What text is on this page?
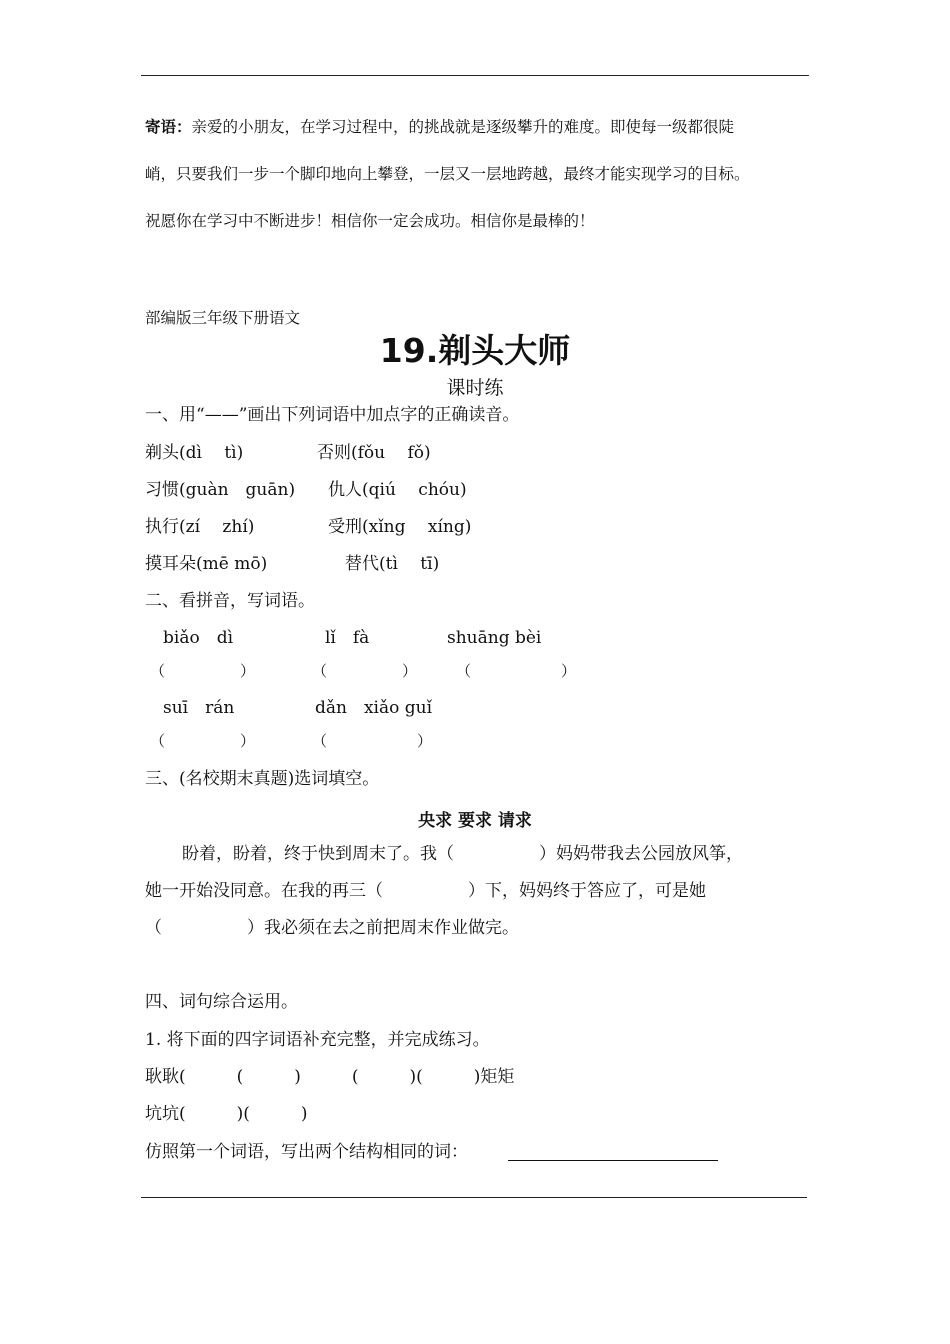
寄语：亲爱的小朋友，在学习过程中，的挑战就是逐级攀升的难度。即使每一级都很陡
峭，只要我们一步一个脚印地向上攀登，一层又一层地跨越，最终才能实现学习的目标。
祝愿你在学习中不断进步！相信你一定会成功。相信你是最棒的！
部编版三年级下册语文
19.剃头大师
课时练
一、用“——”画出下列词语中加点字的正确读音。
剃头(dì　 tì)	否则(fǒu　 fǒ)
习惯(guàn　guān) 仇人(qiú　 chóu)
执行(zí　 zhí)	受刑(xǐng　 xíng)
摸耳朵(mē mō)	替代(tì　 tī)
二、看拼音，写词语。
biǎo　dì	lǐ　fà	shuāng bèi
（　　　　　）	（　　　　　）	（　　　　　　）
suī　rán	dǎn　xiǎo guǐ
（　　　　　）	（　　　　　　）
三、(名校期末真题)选词填空。
央求 要求 请求
盼着，盼着，终于快到周末了。我（　　　　　）妈妈带我去公园放风筝，
她一开始没同意。在我的再三（　　　　　）下，妈妈终于答应了，可是她
（　　　　　）我必须在去之前把周末作业做完。
四、词句综合运用。
1. 将下面的四字词语补充完整，并完成练习。
耿耿(　　　(　　　)　　　(　　　)(　　　)矩矩
坑坑(　　　)(　　　)
仿照第一个词语，写出两个结构相同的词：
